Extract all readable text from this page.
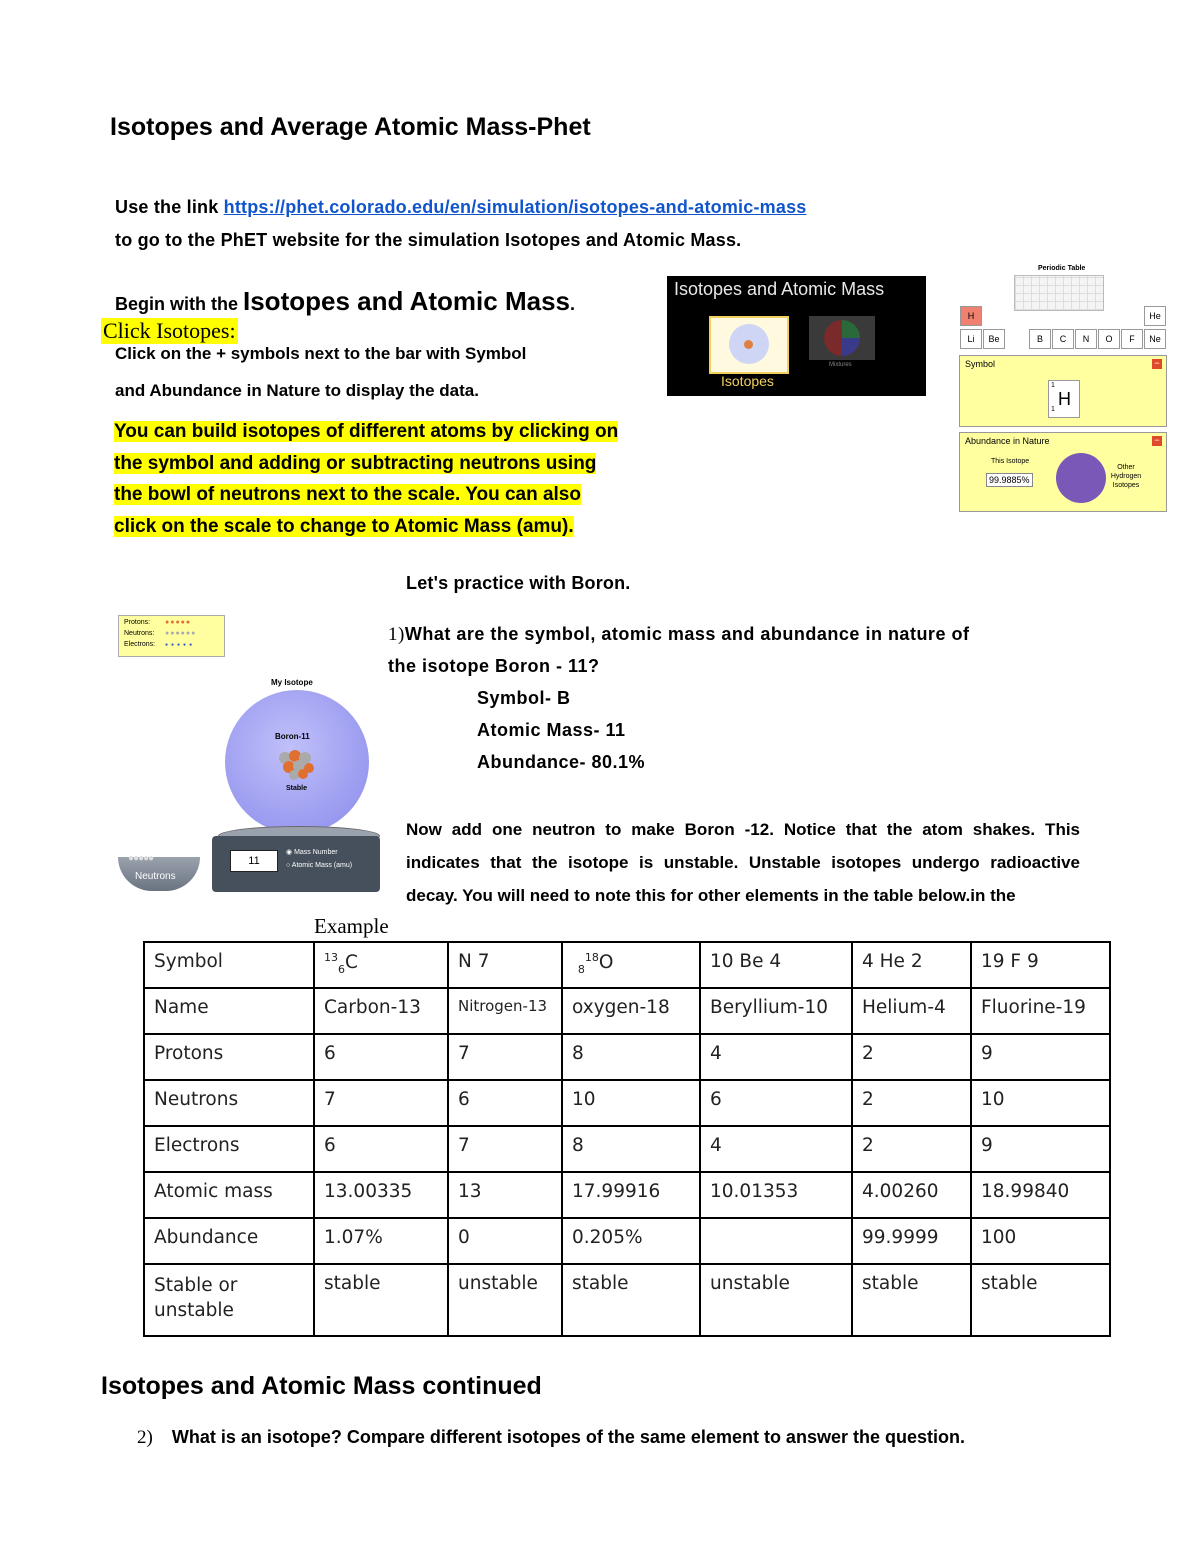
Isotopes and Average Atomic Mass-Phet
Use the link https://phet.colorado.edu/en/simulation/isotopes-and-atomic-mass
to go to the PhET website for the simulation Isotopes and Atomic Mass.
Begin with the Isotopes and Atomic Mass.
Click Isotopes:
Click on the + symbols next to the bar with Symbol
and Abundance in Nature to display the data.
You can build isotopes of different atoms by clicking on
the symbol and adding or subtracting neutrons using
the bowl of neutrons next to the scale. You can also
click on the scale to change to Atomic Mass (amu).
Isotopes and Atomic Mass
Isotopes
Mixtures
Periodic Table
H	He
Li	Be	B	C	N	O	F	Ne
Symbol	−
1
H
1
Abundance in Nature	−
This Isotope
99.9885%
Other Hydrogen Isotopes
Let's practice with Boron.
1)What are the symbol, atomic mass and abundance in nature of
the isotope Boron - 11?
Symbol- B
Atomic Mass- 11
Abundance- 80.1%
Protons:
Neutrons:
Electrons:
●●●●●
●●●●●●
●●●●●
My Isotope
Boron-11
Stable
11
◉ Mass Number
○ Atomic Mass (amu)
●●●●●
Neutrons
Now add one neutron to make Boron -12. Notice that the atom shakes. This
indicates that the isotope is unstable. Unstable isotopes undergo radioactive
decay. You will need to note this for other elements in the table below.in the
Example
Symbol	$^{13}_6$C	N 7	$_8^{18}$O	10 Be 4	4 He 2	19 F 9
Name	Carbon-13	Nitrogen-13	oxygen-18	Beryllium-10	Helium-4	Fluorine-19
Protons	6	7	8	4	2	9
Neutrons	7	6	10	6	2	10
Electrons	6	7	8	4	2	9
Atomic mass	13.00335	13	17.99916	10.01353	4.00260	18.99840
Abundance	1.07%	0	0.205%		99.9999	100
Stable or unstable	stable	unstable	stable	unstable	stable	stable
Isotopes and Atomic Mass continued
2) What is an isotope? Compare different isotopes of the same element to answer the question.
